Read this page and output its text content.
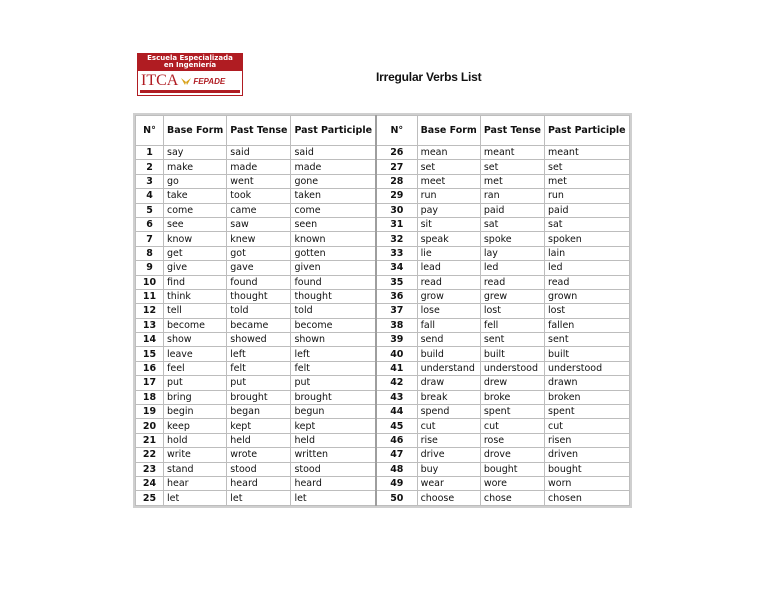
Escuela Especializada
en Ingeniería
ITCA FEPADE	Irregular Verbs List
N°	Base Form	Past Tense	Past Participle	N°	Base Form	Past Tense	Past Participle
1	say	said	said	26	mean	meant	meant
2	make	made	made	27	set	set	set
3	go	went	gone	28	meet	met	met
4	take	took	taken	29	run	ran	run
5	come	came	come	30	pay	paid	paid
6	see	saw	seen	31	sit	sat	sat
7	know	knew	known	32	speak	spoke	spoken
8	get	got	gotten	33	lie	lay	lain
9	give	gave	given	34	lead	led	led
10	find	found	found	35	read	read	read
11	think	thought	thought	36	grow	grew	grown
12	tell	told	told	37	lose	lost	lost
13	become	became	become	38	fall	fell	fallen
14	show	showed	shown	39	send	sent	sent
15	leave	left	left	40	build	built	built
16	feel	felt	felt	41	understand	understood	understood
17	put	put	put	42	draw	drew	drawn
18	bring	brought	brought	43	break	broke	broken
19	begin	began	begun	44	spend	spent	spent
20	keep	kept	kept	45	cut	cut	cut
21	hold	held	held	46	rise	rose	risen
22	write	wrote	written	47	drive	drove	driven
23	stand	stood	stood	48	buy	bought	bought
24	hear	heard	heard	49	wear	wore	worn
25	let	let	let	50	choose	chose	chosen
